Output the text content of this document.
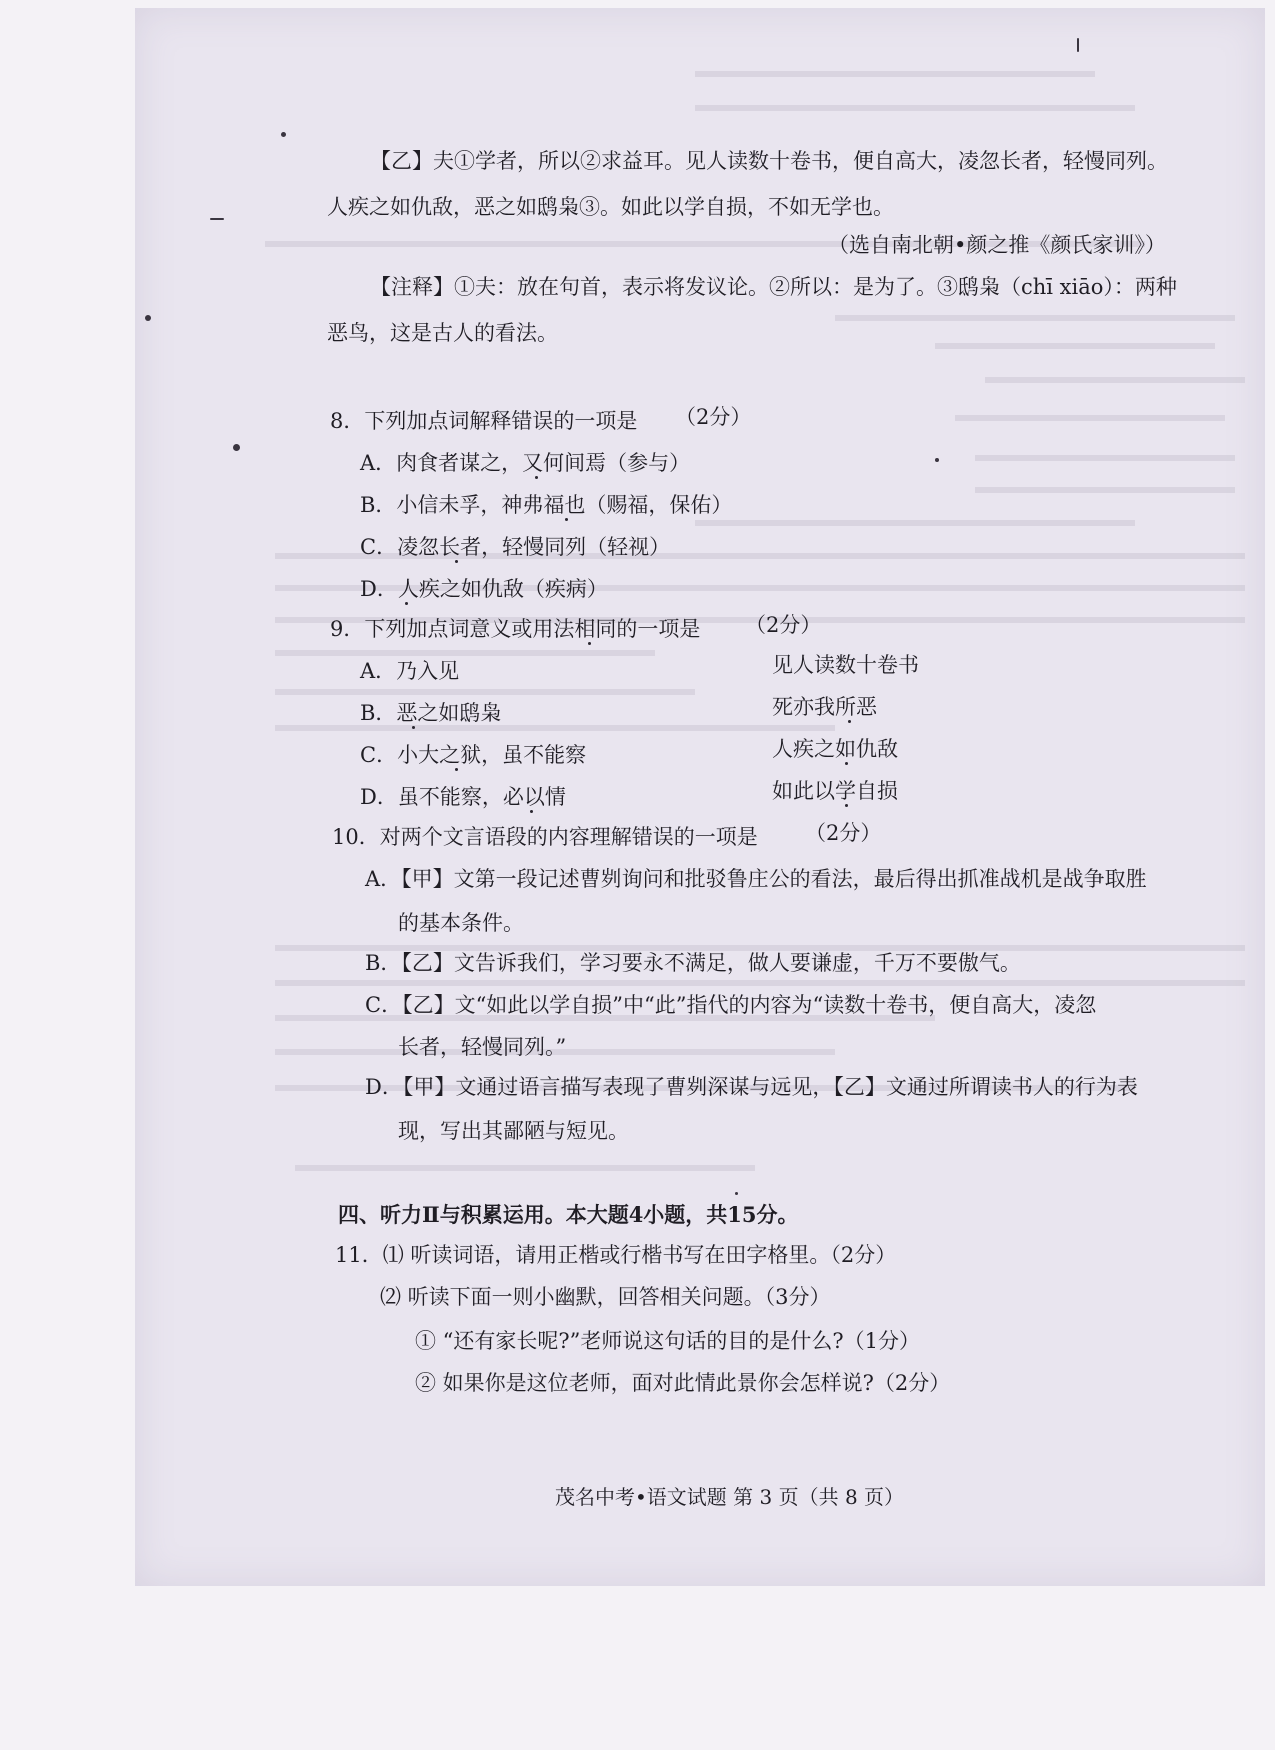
【乙】夫①学者，所以②求益耳。见人读数十卷书，便自高大，凌忽长者，轻慢同列。
人疾之如仇敌，恶之如鸱枭③。如此以学自损，不如无学也。
（选自南北朝•颜之推《颜氏家训》）
【注释】①夫：放在句首，表示将发议论。②所以：是为了。③鸱枭（chī xiāo）：两种
恶鸟，这是古人的看法。
8．下列加点词解释错误的一项是 （2分）
A．肉食者谋之，又何间焉（参与）
B．小信未孚，神弗福也（赐福，保佑）
C．凌忽长者，轻慢同列（轻视）
D．人疾之如仇敌（疾病）
9．下列加点词意义或用法相同的一项是 （2分）
A．乃入见	见人读数十卷书
B．恶之如鸱枭	死亦我所恶
C．小大之狱，虽不能察	人疾之如仇敌
D．虽不能察，必以情	如此以学自损
10．对两个文言语段的内容理解错误的一项是 （2分）
A．【甲】文第一段记述曹刿询问和批驳鲁庄公的看法，最后得出抓准战机是战争取胜
的基本条件。
B．【乙】文告诉我们，学习要永不满足，做人要谦虚，千万不要傲气。
C．【乙】文“如此以学自损”中“此”指代的内容为“读数十卷书，便自高大，凌忽
长者，轻慢同列。”
D．【甲】文通过语言描写表现了曹刿深谋与远见，【乙】文通过所谓读书人的行为表
现，写出其鄙陋与短见。
四、听力Ⅱ与积累运用。本大题4小题，共15分。
11．⑴ 听读词语，请用正楷或行楷书写在田字格里。（2分）
⑵ 听读下面一则小幽默，回答相关问题。（3分）
① “还有家长呢?”老师说这句话的目的是什么?（1分）
② 如果你是这位老师，面对此情此景你会怎样说?（2分）
茂名中考•语文试题 第 3 页（共 8 页）
